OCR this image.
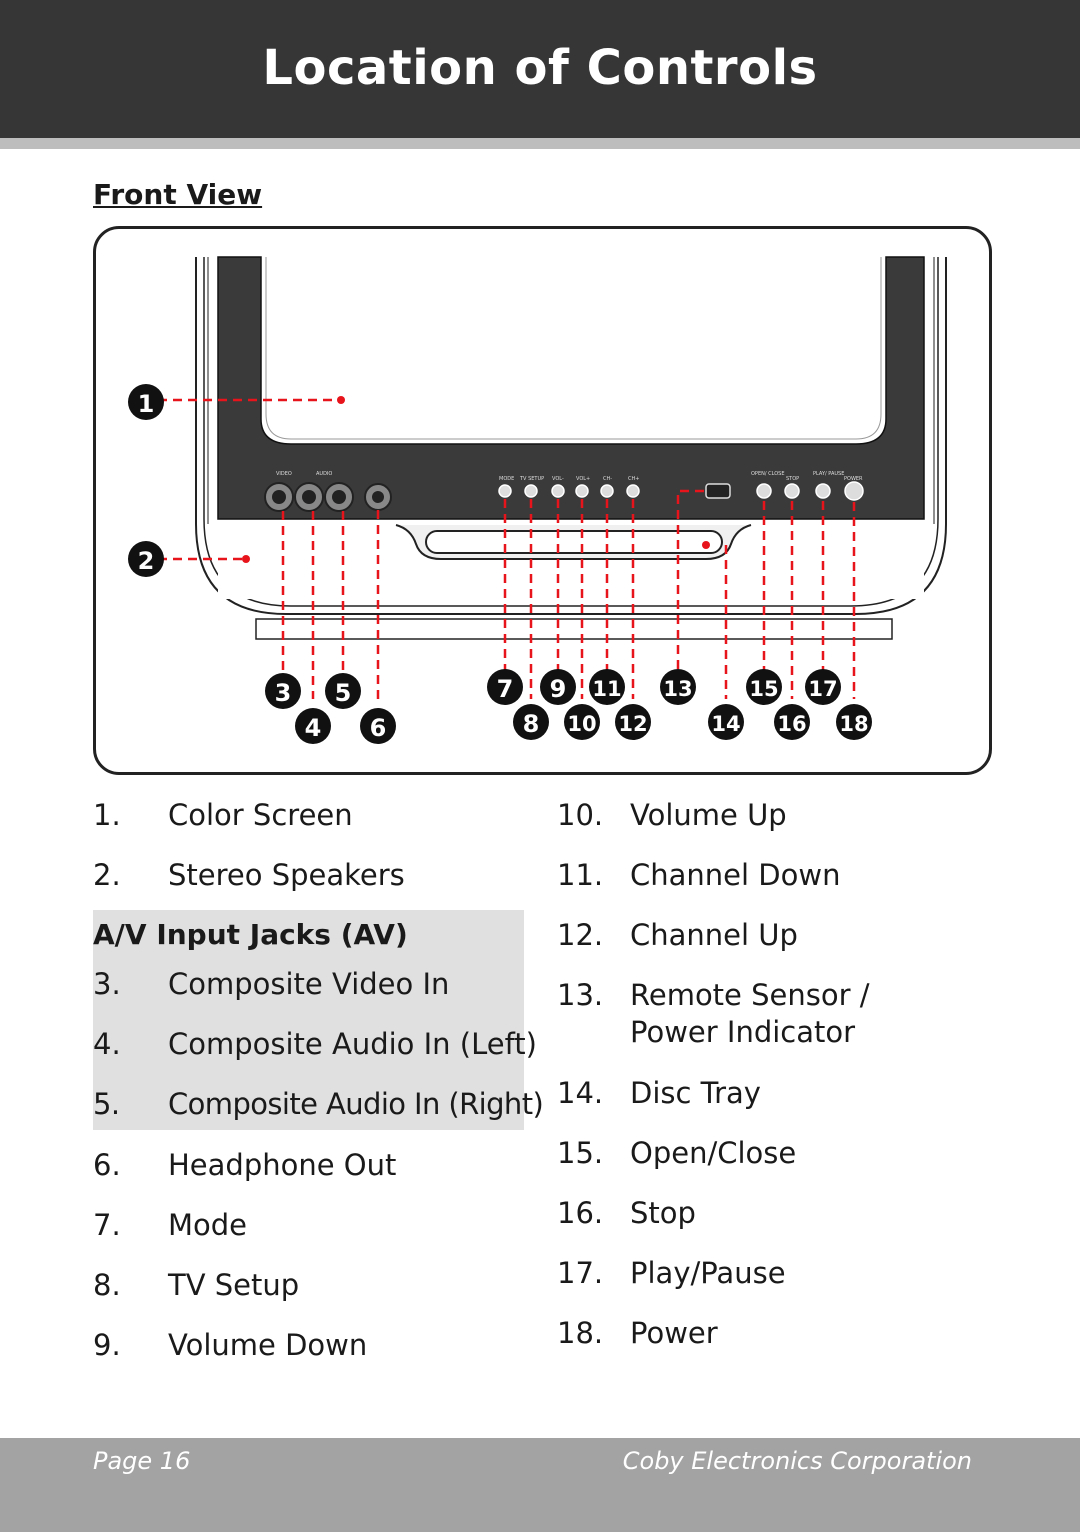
Location of Controls
Front View
VIDEO	AUDIO
MODE TV SETUP VOL- VOL+	CH-	CH+
OPEN/ CLOSE
STOP
PLAY/ PAUSE
POWER
1
2
3
4
5
6
7
8
9
10
11
12
13
14
15
16
17
18
1. Color Screen
2. Stereo Speakers
A/V Input Jacks (AV)
3. Composite Video In
4. Composite Audio In (Left)
5. Composite Audio In (Right)
6. Headphone Out
7. Mode
8. TV Setup
9. Volume Down
10. Volume Up
11. Channel Down
12. Channel Up
13. Remote Sensor /
Power Indicator
14. Disc Tray
15. Open/Close
16. Stop
17. Play/Pause
18. Power
Page 16	Coby Electronics Corporation
